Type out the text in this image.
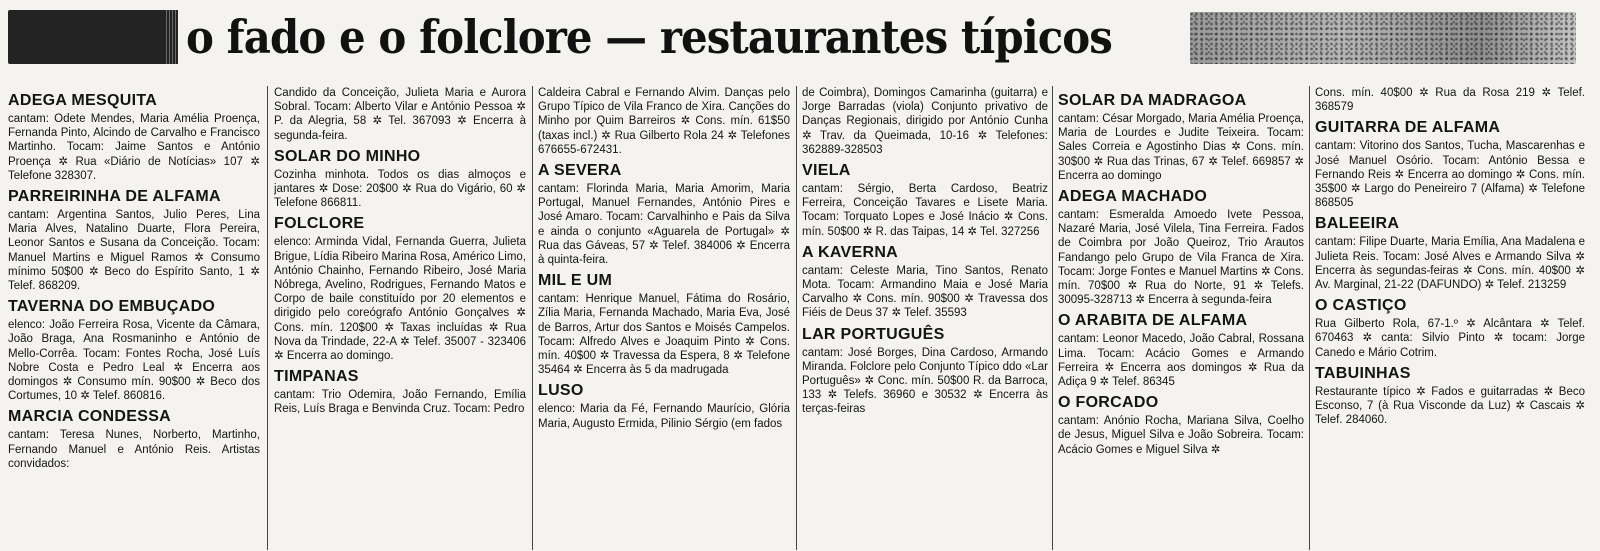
o fado e o folclore — restaurantes típicos
ADEGA MESQUITA

cantam: Odete Mendes, Maria Amélia Proença, Fernanda Pinto, Alcindo de Carvalho e Francisco Martinho. Tocam: Jaime Santos e António Proença ✲ Rua «Diário de Notícias» 107 ✲ Telefone 328307.

PARREIRINHA DE ALFAMA

cantam: Argentina Santos, Julio Peres, Lina Maria Alves, Natalino Duarte, Flora Pereira, Leonor Santos e Susana da Conceição. Tocam: Manuel Martins e Miguel Ramos ✲ Consumo mínimo 50$00 ✲ Beco do Espírito Santo, 1 ✲ Telef. 868209.

TAVERNA DO EMBUÇADO

elenco: João Ferreira Rosa, Vicente da Câmara, João Braga, Ana Rosmaninho e António de Mello-Corrêa. Tocam: Fontes Rocha, José Luís Nobre Costa e Pedro Leal ✲ Encerra aos domingos ✲ Consumo mín. 90$00 ✲ Beco dos Cortumes, 10 ✲ Telef. 860816.

MARCIA CONDESSA

cantam: Teresa Nunes, Norberto, Martinho, Fernando Manuel e António Reis. Artistas convidados:

Candido da Conceição, Julieta Maria e Aurora Sobral. Tocam: Alberto Vilar e António Pessoa ✲ P. da Alegria, 58 ✲ Tel. 367093 ✲ Encerra à segunda-feira.

SOLAR DO MINHO

Cozinha minhota. Todos os dias almoços e jantares ✲ Dose: 20$00 ✲ Rua do Vigário, 60 ✲ Telefone 866811.

FOLCLORE

elenco: Arminda Vidal, Fernanda Guerra, Julieta Brigue, Lídia Ribeiro Marina Rosa, Américo Limo, António Chainho, Fernando Ribeiro, José Maria Nóbrega, Avelino, Rodrigues, Fernando Matos e Corpo de baile constituído por 20 elementos e dirigido pelo coreógrafo António Gonçalves ✲ Cons. mín. 120$00 ✲ Taxas incluídas ✲ Rua Nova da Trindade, 22-A ✲ Telef. 35007 - 323406 ✲ Encerra ao domingo.

TIMPANAS

cantam: Trio Odemira, João Fernando, Emília Reis, Luís Braga e Benvinda Cruz. Tocam: Pedro

Caldeira Cabral e Fernando Alvim. Danças pelo Grupo Típico de Vila Franco de Xira. Canções do Minho por Quim Barreiros ✲ Cons. mín. 61$50 (taxas incl.) ✲ Rua Gilberto Rola 24 ✲ Telefones 676655-672431.

A SEVERA

cantam: Florinda Maria, Maria Amorim, Maria Portugal, Manuel Fernandes, António Pires e José Amaro. Tocam: Carvalhinho e Pais da Silva e ainda o conjunto «Aguarela de Portugal» ✲ Rua das Gáveas, 57 ✲ Telef. 384006 ✲ Encerra à quinta-feira.

MIL E UM

cantam: Henrique Manuel, Fátima do Rosário, Zília Maria, Fernanda Machado, Maria Eva, José de Barros, Artur dos Santos e Moisés Campelos. Tocam: Alfredo Alves e Joaquim Pinto ✲ Cons. mín. 40$00 ✲ Travessa da Espera, 8 ✲ Telefone 35464 ✲ Encerra às 5 da madrugada

LUSO

elenco: Maria da Fé, Fernando Maurício, Glória Maria, Augusto Ermida, Pilinio Sérgio (em fados

de Coimbra), Domingos Camarinha (guitarra) e Jorge Barradas (viola) Conjunto privativo de Danças Regionais, dirigido por António Cunha ✲ Trav. da Queimada, 10-16 ✲ Telefones: 362889-328503

VIELA

cantam: Sérgio, Berta Cardoso, Beatriz Ferreira, Conceição Tavares e Lisete Maria. Tocam: Torquato Lopes e José Inácio ✲ Cons. mín. 50$00 ✲ R. das Taipas, 14 ✲ Tel. 327256

A KAVERNA

cantam: Celeste Maria, Tino Santos, Renato Mota. Tocam: Armandino Maia e José Maria Carvalho ✲ Cons. mín. 90$00 ✲ Travessa dos Fiéis de Deus 37 ✲ Telef. 35593

LAR PORTUGUÊS

cantam: José Borges, Dina Cardoso, Armando Miranda. Folclore pelo Conjunto Típico ddo «Lar Português» ✲ Conc. mín. 50$00 R. da Barroca, 133 ✲ Telefs. 36960 e 30532 ✲ Encerra às terças-feiras

SOLAR DA MADRAGOA

cantam: César Morgado, Maria Amélia Proença, Maria de Lourdes e Judite Teixeira. Tocam: Sales Correia e Agostinho Dias ✲ Cons. mín. 30$00 ✲ Rua das Trinas, 67 ✲ Telef. 669857 ✲ Encerra ao domingo

ADEGA MACHADO

cantam: Esmeralda Amoedo Ivete Pessoa, Nazaré Maria, José Vilela, Tina Ferreira. Fados de Coimbra por João Queiroz, Trio Arautos Fandango pelo Grupo de Vila Franca de Xira. Tocam: Jorge Fontes e Manuel Martins ✲ Cons. mín. 70$00 ✲ Rua do Norte, 91 ✲ Telefs. 30095-328713 ✲ Encerra à segunda-feira

O ARABITA DE ALFAMA

cantam: Leonor Macedo, João Cabral, Rossana Lima. Tocam: Acácio Gomes e Armando Ferreira ✲ Encerra aos domingos ✲ Rua da Adiça 9 ✲ Telef. 86345

O FORCADO

cantam: Anónio Rocha, Mariana Silva, Coelho de Jesus, Miguel Silva e João Sobreira. Tocam: Acácio Gomes e Miguel Silva ✲

Cons. mín. 40$00 ✲ Rua da Rosa 219 ✲ Telef. 368579

GUITARRA DE ALFAMA

cantam: Vitorino dos Santos, Tucha, Mascarenhas e José Manuel Osório. Tocam: António Bessa e Fernando Reis ✲ Encerra ao domingo ✲ Cons. mín. 35$00 ✲ Largo do Peneireiro 7 (Alfama) ✲ Telefone 868505

BALEEIRA

cantam: Filipe Duarte, Maria Emília, Ana Madalena e Julieta Reis. Tocam: José Alves e Armando Silva ✲ Encerra às segundas-feiras ✲ Cons. mín. 40$00 ✲ Av. Marginal, 21-22 (DAFUNDO) ✲ Telef. 213259

O CASTIÇO

Rua Gilberto Rola, 67-1.º ✲ Alcântara ✲ Telef. 670463 ✲ canta: Silvio Pinto ✲ tocam: Jorge Canedo e Mário Cotrim.

TABUINHAS

Restaurante típico ✲ Fados e guitarradas ✲ Beco Esconso, 7 (à Rua Visconde da Luz) ✲ Cascais ✲ Telef. 284060.
